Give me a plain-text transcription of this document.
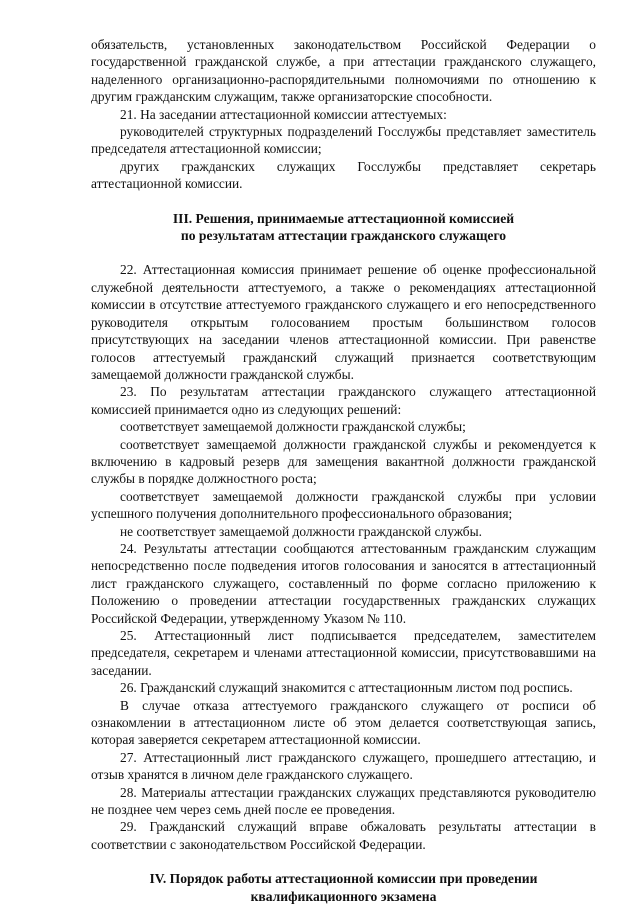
обязательств, установленных законодательством Российской Федерации о государственной гражданской службе, а при аттестации гражданского служащего, наделенного организационно-распорядительными полномочиями по отношению к другим гражданским служащим, также организаторские способности.

21. На заседании аттестационной комиссии аттестуемых:

руководителей структурных подразделений Госслужбы представляет заместитель председателя аттестационной комиссии;

других гражданских служащих Госслужбы представляет секретарь аттестационной комиссии.

III. Решения, принимаемые аттестационной комиссией

по результатам аттестации гражданского служащего

22. Аттестационная комиссия принимает решение об оценке профессиональной служебной деятельности аттестуемого, а также о рекомендациях аттестационной комиссии в отсутствие аттестуемого гражданского служащего и его непосредственного руководителя открытым голосованием простым большинством голосов присутствующих на заседании членов аттестационной комиссии. При равенстве голосов аттестуемый гражданский служащий признается соответствующим замещаемой должности гражданской службы.

23. По результатам аттестации гражданского служащего аттестационной комиссией принимается одно из следующих решений:

соответствует замещаемой должности гражданской службы;

соответствует замещаемой должности гражданской службы и рекомендуется к включению в кадровый резерв для замещения вакантной должности гражданской службы в порядке должностного роста;

соответствует замещаемой должности гражданской службы при условии успешного получения дополнительного профессионального образования;

не соответствует замещаемой должности гражданской службы.

24. Результаты аттестации сообщаются аттестованным гражданским служащим непосредственно после подведения итогов голосования и заносятся в аттестационный лист гражданского служащего, составленный по форме согласно приложению к Положению о проведении аттестации государственных гражданских служащих Российской Федерации, утвержденному Указом № 110.

25. Аттестационный лист подписывается председателем, заместителем председателя, секретарем и членами аттестационной комиссии, присутствовавшими на заседании.

26. Гражданский служащий знакомится с аттестационным листом под роспись.

В случае отказа аттестуемого гражданского служащего от росписи об ознакомлении в аттестационном листе об этом делается соответствующая запись, которая заверяется секретарем аттестационной комиссии.

27. Аттестационный лист гражданского служащего, прошедшего аттестацию, и отзыв хранятся в личном деле гражданского служащего.

28. Материалы аттестации гражданских служащих представляются руководителю не позднее чем через семь дней после ее проведения.

29. Гражданский служащий вправе обжаловать результаты аттестации в соответствии с законодательством Российской Федерации.

IV. Порядок работы аттестационной комиссии при проведении

квалификационного экзамена
